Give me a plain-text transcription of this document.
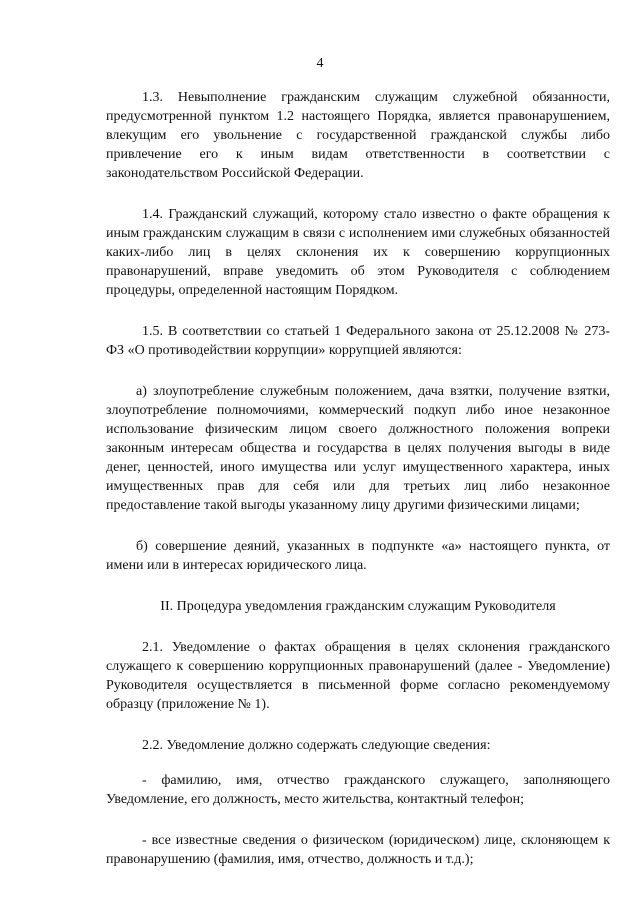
4

1.3. Невыполнение гражданским служащим служебной обязанности, предусмотренной пунктом 1.2 настоящего Порядка, является правонарушением, влекущим его увольнение с государственной гражданской службы либо привлечение его к иным видам ответственности в соответствии с законодательством Российской Федерации.

1.4. Гражданский служащий, которому стало известно о факте обращения к иным гражданским служащим в связи с исполнением ими служебных обязанностей каких-либо лиц в целях склонения их к совершению коррупционных правонарушений, вправе уведомить об этом Руководителя с соблюдением процедуры, определенной настоящим Порядком.

1.5. В соответствии со статьей 1 Федерального закона от 25.12.2008 № 273-ФЗ «О противодействии коррупции» коррупцией являются:

а) злоупотребление служебным положением, дача взятки, получение взятки, злоупотребление полномочиями, коммерческий подкуп либо иное незаконное использование физическим лицом своего должностного положения вопреки законным интересам общества и государства в целях получения выгоды в виде денег, ценностей, иного имущества или услуг имущественного характера, иных имущественных прав для себя или для третьих лиц либо незаконное предоставление такой выгоды указанному лицу другими физическими лицами;

б) совершение деяний, указанных в подпункте «а» настоящего пункта, от имени или в интересах юридического лица.

II. Процедура уведомления гражданским служащим Руководителя

2.1. Уведомление о фактах обращения в целях склонения гражданского служащего к совершению коррупционных правонарушений (далее - Уведомление) Руководителя осуществляется в письменной форме согласно рекомендуемому образцу (приложение № 1).

2.2. Уведомление должно содержать следующие сведения:

- фамилию, имя, отчество гражданского служащего, заполняющего Уведомление, его должность, место жительства, контактный телефон;

- все известные сведения о физическом (юридическом) лице, склоняющем к правонарушению (фамилия, имя, отчество, должность и т.д.);
